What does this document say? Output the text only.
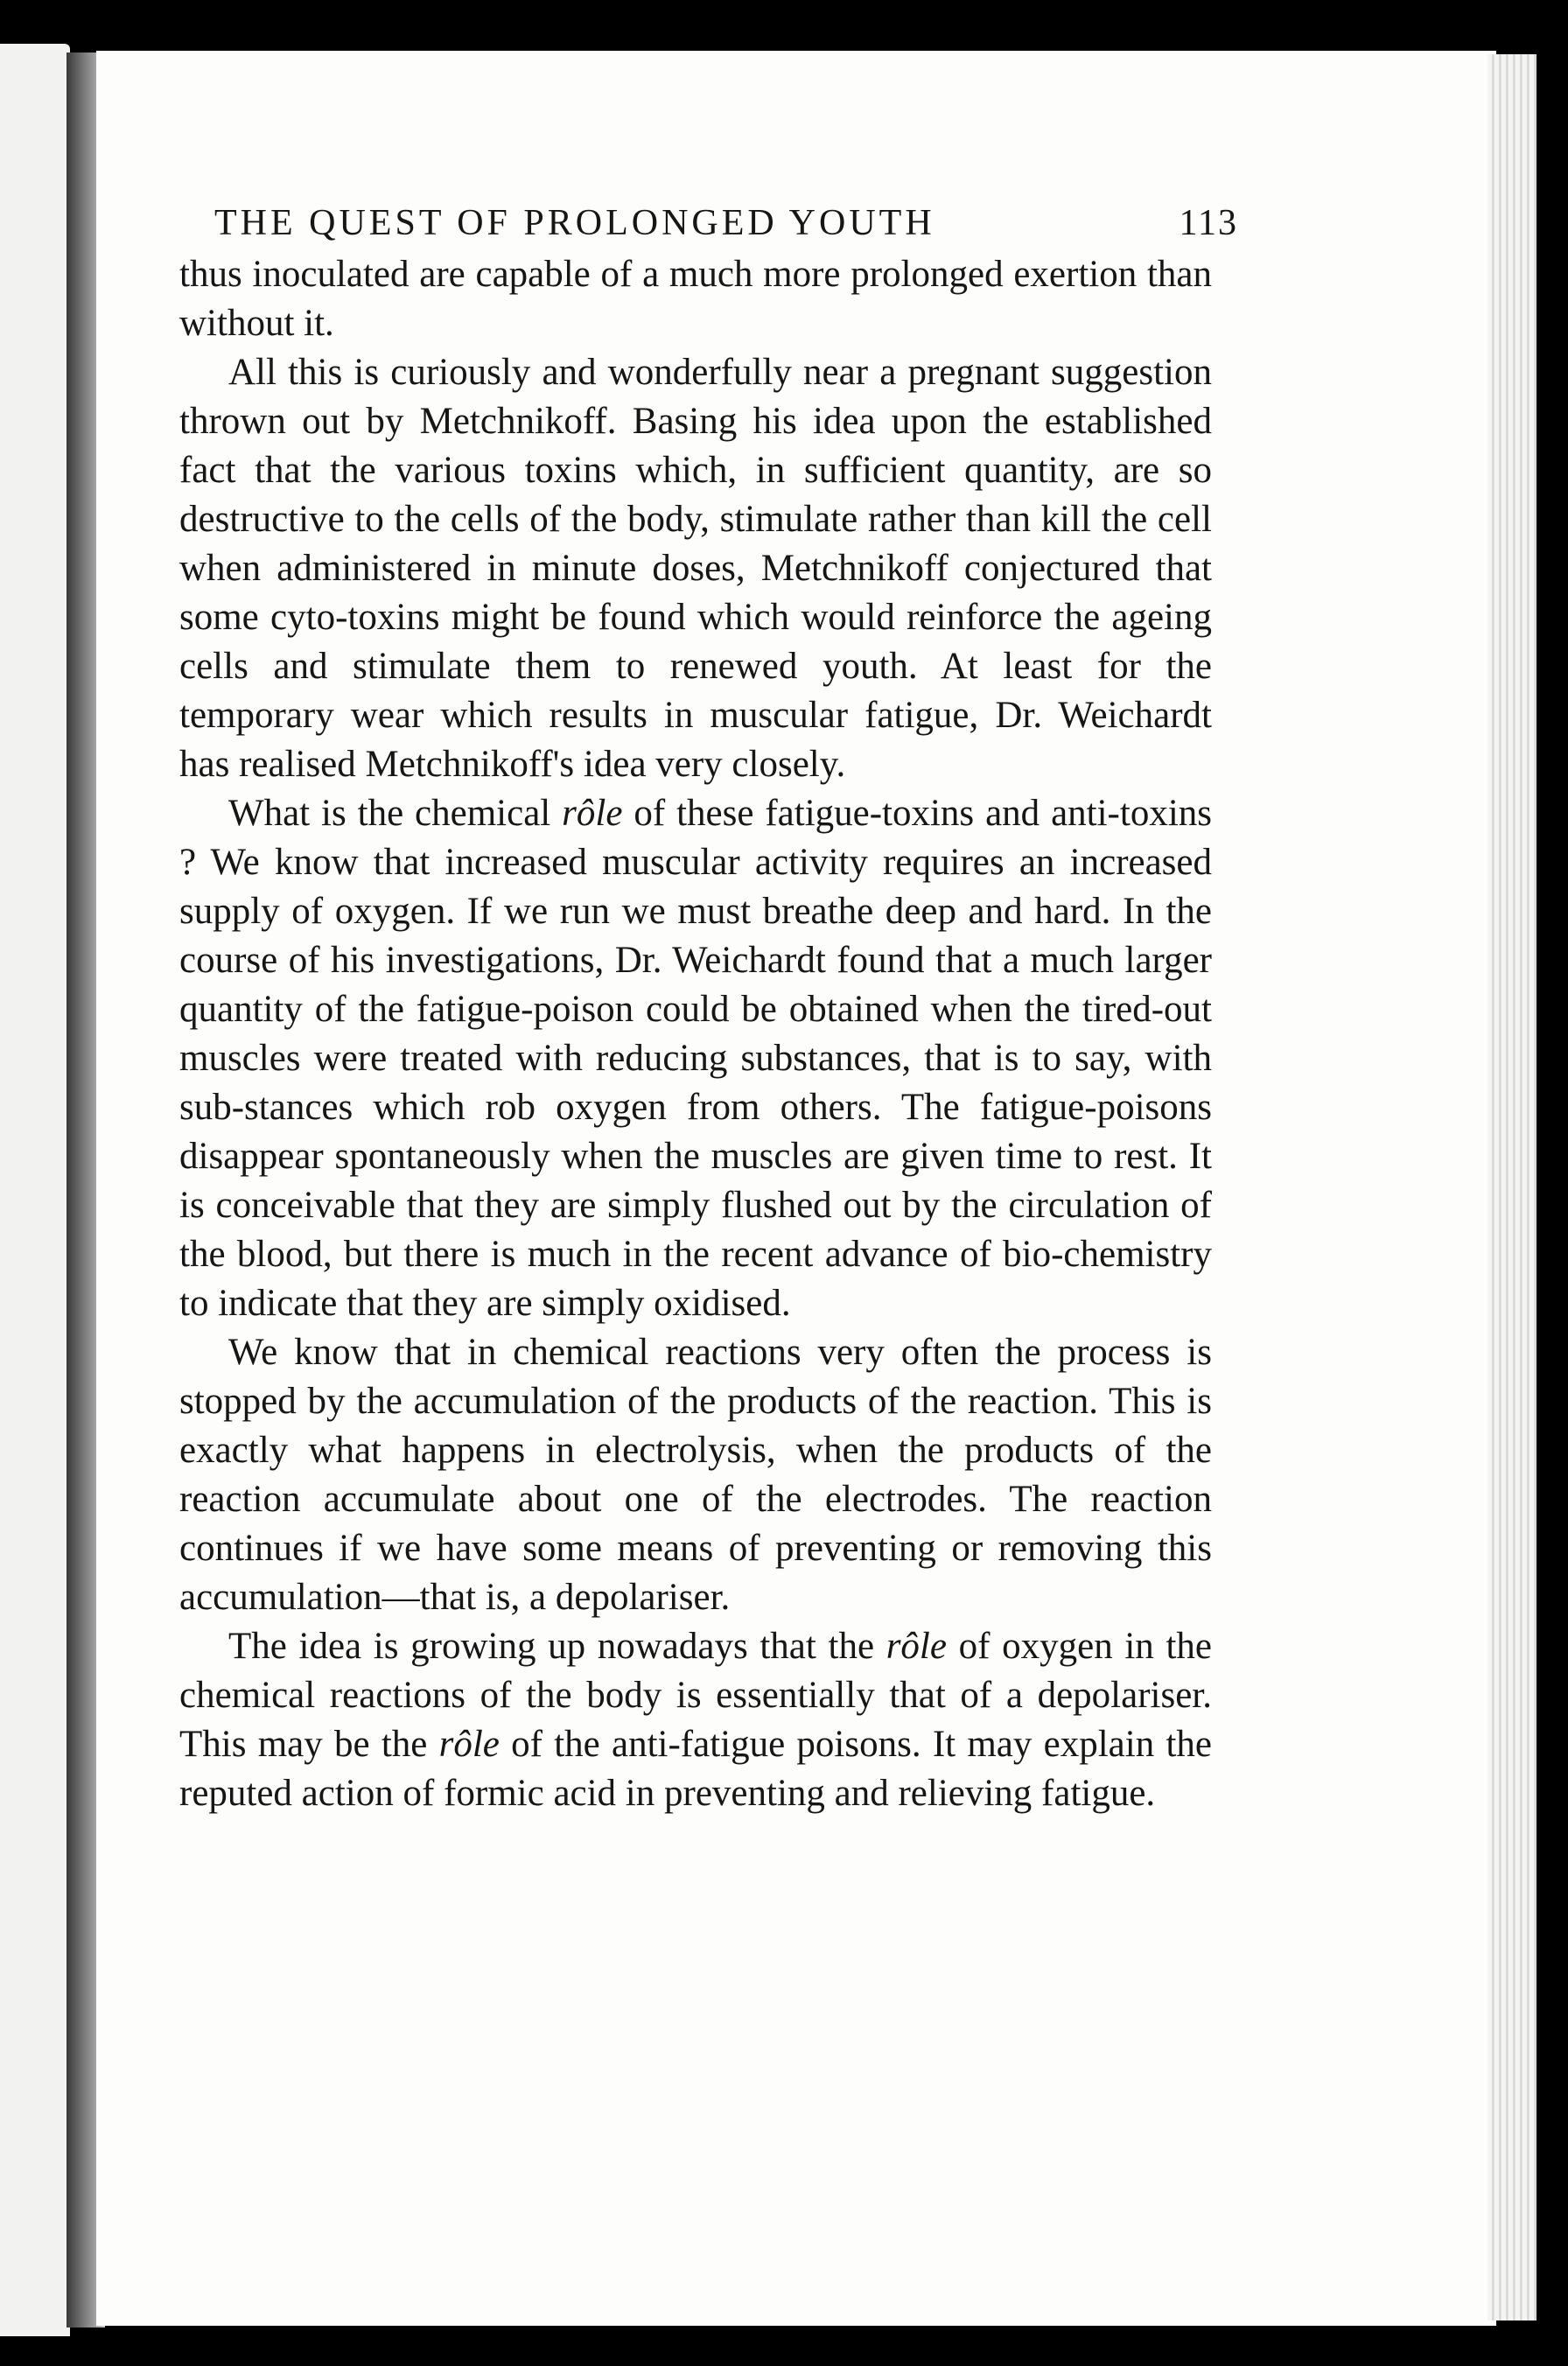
THE QUEST OF PROLONGED YOUTH	113

thus inoculated are capable of a much more prolonged exertion than without it.

All this is curiously and wonderfully near a pregnant suggestion thrown out by Metchnikoff. Basing his idea upon the established fact that the various toxins which, in sufficient quantity, are so destructive to the cells of the body, stimulate rather than kill the cell when administered in minute doses, Metchnikoff conjectured that some cyto-toxins might be found which would reinforce the ageing cells and stimulate them to renewed youth. At least for the temporary wear which results in muscular fatigue, Dr. Weichardt has realised Metchnikoff's idea very closely.

What is the chemical rôle of these fatigue-toxins and anti-toxins ? We know that increased muscular activity requires an increased supply of oxygen. If we run we must breathe deep and hard. In the course of his investigations, Dr. Weichardt found that a much larger quantity of the fatigue-poison could be obtained when the tired-out muscles were treated with reducing substances, that is to say, with sub-stances which rob oxygen from others. The fatigue-poisons disappear spontaneously when the muscles are given time to rest. It is conceivable that they are simply flushed out by the circulation of the blood, but there is much in the recent advance of bio-chemistry to indicate that they are simply oxidised.

We know that in chemical reactions very often the process is stopped by the accumulation of the products of the reaction. This is exactly what happens in electrolysis, when the products of the reaction accumulate about one of the electrodes. The reaction continues if we have some means of preventing or removing this accumulation—that is, a depolariser.

The idea is growing up nowadays that the rôle of oxygen in the chemical reactions of the body is essentially that of a depolariser. This may be the rôle of the anti-fatigue poisons. It may explain the reputed action of formic acid in preventing and relieving fatigue.
